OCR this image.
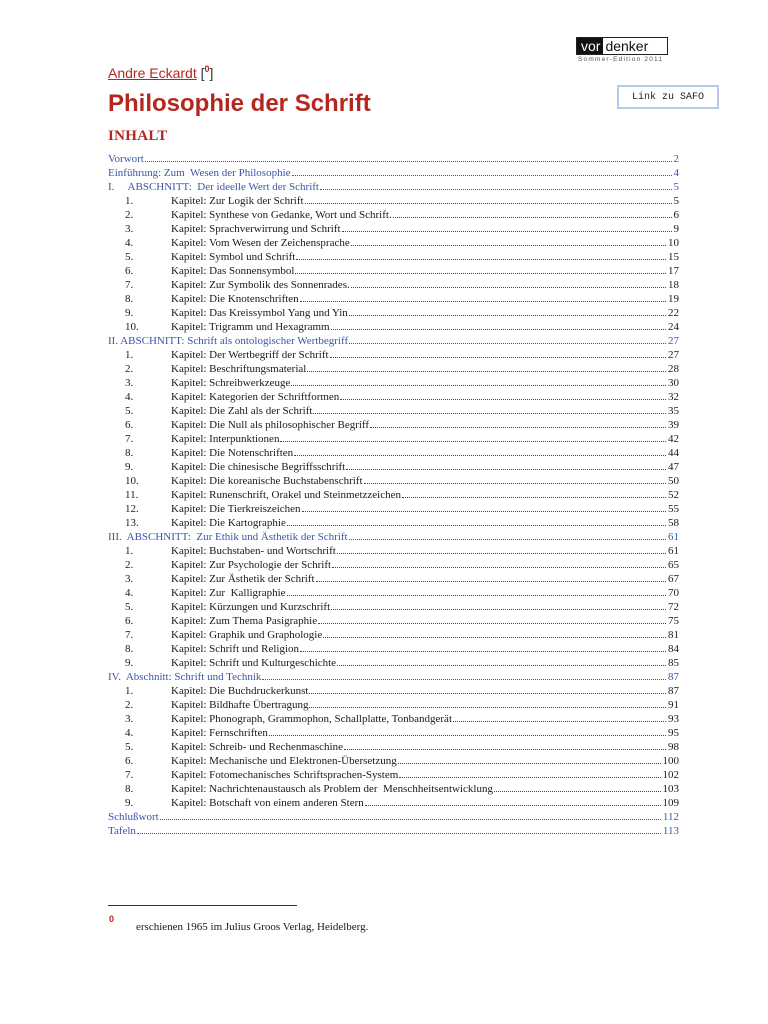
vor denker
Sommer-Edition 2011
Link zu SAFO
Andre Eckardt [$^0$]
Philosophie der Schrift
INHALT
Vorwort	2
Einführung: Zum  Wesen der Philosophie	4
I.     ABSCHNITT:  Der ideelle Wert der Schrift	5
1.	Kapitel: Zur Logik der Schrift	5
2.	Kapitel: Synthese von Gedanke, Wort und Schrift.	6
3.	Kapitel: Sprachverwirrung und Schrift	9
4.	Kapitel: Vom Wesen der Zeichensprache	10
5.	Kapitel: Symbol und Schrift	15
6.	Kapitel: Das Sonnensymbol	17
7.	Kapitel: Zur Symbolik des Sonnenrades.	18
8.	Kapitel: Die Knotenschriften	19
9.	Kapitel: Das Kreissymbol Yang und Yin	22
10.	Kapitel: Trigramm und Hexagramm	24
II. ABSCHNITT: Schrift als ontologischer Wertbegriff	27
1.	Kapitel: Der Wertbegriff der Schrift	27
2.	Kapitel: Beschriftungsmaterial	28
3.	Kapitel: Schreibwerkzeuge	30
4.	Kapitel: Kategorien der Schriftformen	32
5.	Kapitel: Die Zahl als der Schrift	35
6.	Kapitel: Die Null als philosophischer Begriff	39
7.	Kapitel: Interpunktionen	42
8.	Kapitel: Die Notenschriften	44
9.	Kapitel: Die chinesische Begriffsschrift	47
10.	Kapitel: Die koreanische Buchstabenschrift	50
11.	Kapitel: Runenschrift, Orakel und Steinmetzzeichen	52
12.	Kapitel: Die Tierkreiszeichen	55
13.	Kapitel: Die Kartographie	58
III.  ABSCHNITT:  Zur Ethik und Ästhetik der Schrift	61
1.	Kapitel: Buchstaben- und Wortschrift	61
2.	Kapitel: Zur Psychologie der Schrift	65
3.	Kapitel: Zur Ästhetik der Schrift	67
4.	Kapitel: Zur  Kalligraphie	70
5.	Kapitel: Kürzungen und Kurzschrift	72
6.	Kapitel: Zum Thema Pasigraphie	75
7.	Kapitel: Graphik und Graphologie	81
8.	Kapitel: Schrift und Religion	84
9.	Kapitel: Schrift und Kulturgeschichte	85
IV.  Abschnitt: Schrift und Technik	87
1.	Kapitel: Die Buchdruckerkunst	87
2.	Kapitel: Bildhafte Übertragung	91
3.	Kapitel: Phonograph, Grammophon, Schallplatte, Tonbandgerät	93
4.	Kapitel: Fernschriften	95
5.	Kapitel: Schreib- und Rechenmaschine	98
6.	Kapitel: Mechanische und Elektronen-Übersetzung	100
7.	Kapitel: Fotomechanisches Schriftsprachen-System	102
8.	Kapitel: Nachrichtenaustausch als Problem der  Menschheitsentwicklung	103
9.	Kapitel: Botschaft von einem anderen Stern	109
Schlußwort	112
Tafeln	113
0
erschienen 1965 im Julius Groos Verlag, Heidelberg.
